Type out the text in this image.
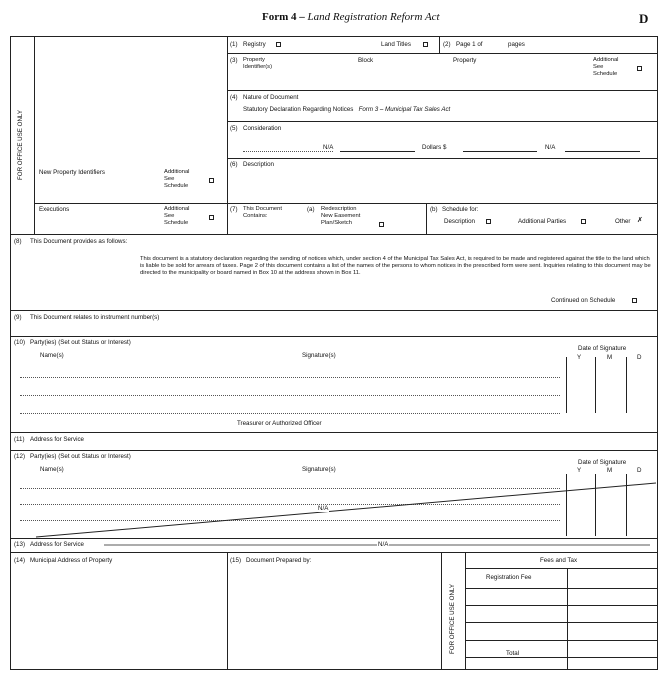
Form 4 – Land Registration Reform Act	D
FOR OFFICE USE ONLY New Property Identifiers	Additional
See
Schedule
Executions	Additional
See
Schedule
(1) Registry	Land Titles	(2) Page 1 of	pages
(3) Property
Identifier(s)
Block	Property	Additional
See
Schedule
(4) Nature of Document
Statutory Declaration Regarding Notices Form 3 – Municipal Tax Sales Act
(5) Consideration
N/A	Dollars $	N/A
(6) Description
(7) This Document
Contains:
(a) Redescription
New Easement
Plan/Sketch
(b) Schedule for:
Description	Additional Parties	Other ✗
(8) This Document provides as follows:
This document is a statutory declaration regarding the sending of notices which, under section 4 of the Municipal Tax Sales Act, is required to be made and registered against the title to the land which is liable to be sold for arrears of taxes. Page 2 of this document contains a list of the names of the persons to whom notices in the prescribed form were sent. Inquiries relating to this document may be directed to the municipality or board named in Box 10 at the address shown in Box 11.
Continued on Schedule
(9) This Document relates to instrument number(s)
(10) Party(ies) (Set out Status or Interest)
Name(s)	Signature(s)
Date of Signature
Y	M	D
Treasurer or Authorized Officer
(11) Address for Service
(12) Party(ies) (Set out Status or Interest)
Name(s)	Signature(s)
Date of Signature
Y	M	D
N/A
(13) Address for Service	N/A
(14) Municipal Address of Property	(15) Document Prepared by:
FOR OFFICE USE ONLY
Fees and Tax
Registration Fee
Total
